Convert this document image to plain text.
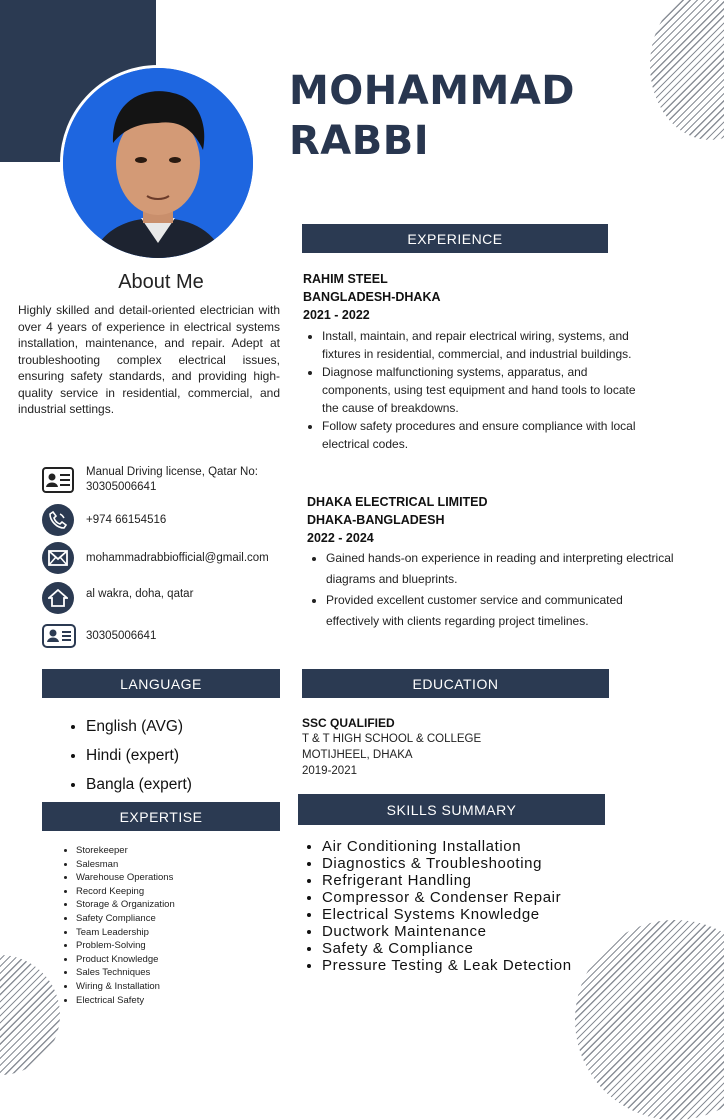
MOHAMMAD
RABBI
About Me
Highly skilled and detail-oriented electrician with over 4 years of experience in electrical systems installation, maintenance, and repair. Adept at troubleshooting complex electrical issues, ensuring safety standards, and providing high-quality service in residential, commercial, and industrial settings.
Manual Driving license, Qatar No: 30305006641
+974 66154516
mohammadrabbiofficial@gmail.com
al wakra, doha, qatar
30305006641
EXPERIENCE
LANGUAGE	EDUCATION
EXPERTISE	SKILLS SUMMARY
RAHIM STEEL
BANGLADESH-DHAKA
2021 - 2022
• Install, maintain, and repair electrical wiring, systems, and fixtures in residential, commercial, and industrial buildings.
• Diagnose malfunctioning systems, apparatus, and components, using test equipment and hand tools to locate the cause of breakdowns.
• Follow safety procedures and ensure compliance with local electrical codes.
DHAKA ELECTRICAL LIMITED
DHAKA-BANGLADESH
2022 - 2024
• Gained hands-on experience in reading and interpreting electrical diagrams and blueprints.
• Provided excellent customer service and communicated effectively with clients regarding project timelines.
• English (AVG)
• Hindi (expert)
• Bangla (expert)
SSC QUALIFIED
T & T HIGH SCHOOL & COLLEGE
MOTIJHEEL, DHAKA
2019-2021
• Storekeeper
• Salesman
• Warehouse Operations
• Record Keeping
• Storage & Organization
• Safety Compliance
• Team Leadership
• Problem-Solving
• Product Knowledge
• Sales Techniques
• Wiring & Installation
• Electrical Safety
• Air Conditioning Installation
• Diagnostics & Troubleshooting
• Refrigerant Handling
• Compressor & Condenser Repair
• Electrical Systems Knowledge
• Ductwork Maintenance
• Safety & Compliance
• Pressure Testing & Leak Detection
